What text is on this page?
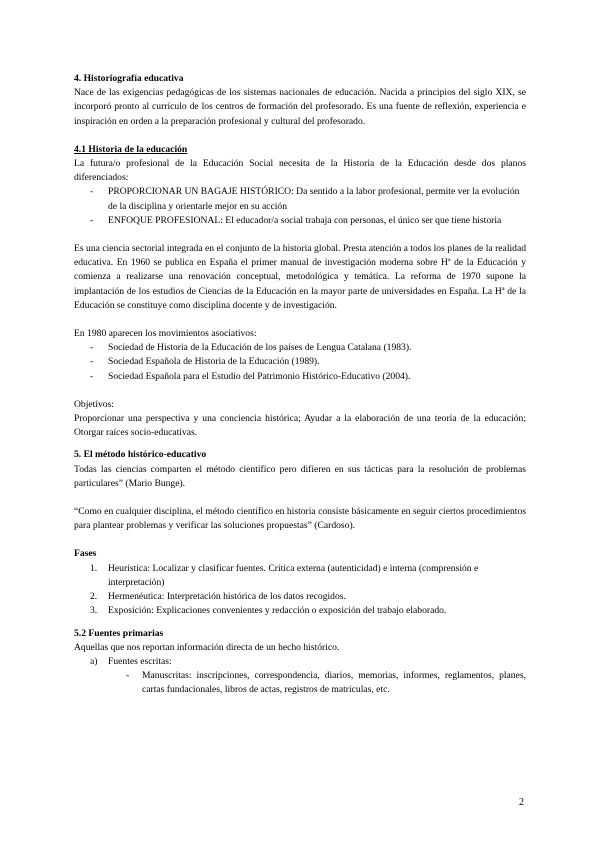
4. Historiografía educativa

Nace de las exigencias pedagógicas de los sistemas nacionales de educación. Nacida a principios del siglo XIX, se incorporó pronto al currículo de los centros de formación del profesorado. Es una fuente de reflexión, experiencia e inspiración en orden a la preparación profesional y cultural del profesorado.

4.1 Historia de la educación

La futura/o profesional de la Educación Social necesita de la Historia de la Educación desde dos planos diferenciados:

- PROPORCIONAR UN BAGAJE HISTÓRICO: Da sentido a la labor profesional, permite ver la evolución de la disciplina y orientarle mejor en su acción
- ENFOQUE PROFESIONAL: El educador/a social trabaja con personas, el único ser que tiene historia

Es una ciencia sectorial integrada en el conjunto de la historia global. Presta atención a todos los planes de la realidad educativa. En 1960 se publica en España el primer manual de investigación moderna sobre Hª de la Educación y comienza a realizarse una renovación conceptual, metodológica y temática. La reforma de 1970 supone la implantación de los estudios de Ciencias de la Educación en la mayor parte de universidades en España. La Hª de la Educación se constituye como disciplina docente y de investigación.

En 1980 aparecen los movimientos asociativos:

- Sociedad de Historia de la Educación de los países de Lengua Catalana (1983).
- Sociedad Española de Historia de la Educación (1989).
- Sociedad Española para el Estudio del Patrimonio Histórico-Educativo (2004).

Objetivos:

Proporcionar una perspectiva y una conciencia histórica; Ayudar a la elaboración de una teoría de la educación; Otorgar raíces socio-educativas.

5. El método histórico-educativo

Todas las ciencias comparten el método científico pero difieren en sus tácticas para la resolución de problemas particulares” (Mario Bunge).

“Como en cualquier disciplina, el método científico en historia consiste básicamente en seguir ciertos procedimientos para plantear problemas y verificar las soluciones propuestas” (Cardoso).

Fases

1. Heurística: Localizar y clasificar fuentes. Crítica externa (autenticidad) e interna (comprensión e interpretación)
2. Hermenéutica: Interpretación histórica de los datos recogidos.
3. Exposición: Explicaciones convenientes y redacción o exposición del trabajo elaborado.

5.2 Fuentes primarias

Aquellas que nos reportan información directa de un hecho histórico.

a) Fuentes escritas:
- Manuscritas: inscripciones, correspondencia, diarios, memorias, informes, reglamentos, planes, cartas fundacionales, libros de actas, registros de matrículas, etc.
2
